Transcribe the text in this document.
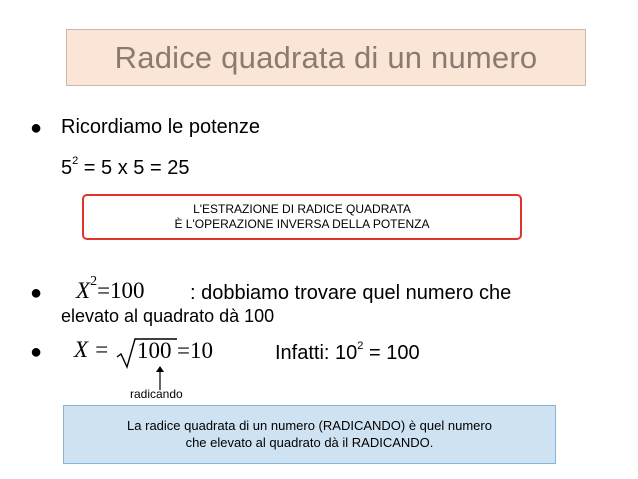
Radice quadrata di un numero
● Ricordiamo le potenze
$5^2 = 5$ x 5 = 25
L'ESTRAZIONE DI RADICE QUADRATA
È L'OPERAZIONE INVERSA DELLA POTENZA
● X2=100 : dobbiamo trovare quel numero che
elevato al quadrato dà 100
● X = 100 =10	Infatti: $10^2 = 100$
radicando
La radice quadrata di un numero (RADICANDO) è quel numero
che elevato al quadrato dà il RADICANDO.
